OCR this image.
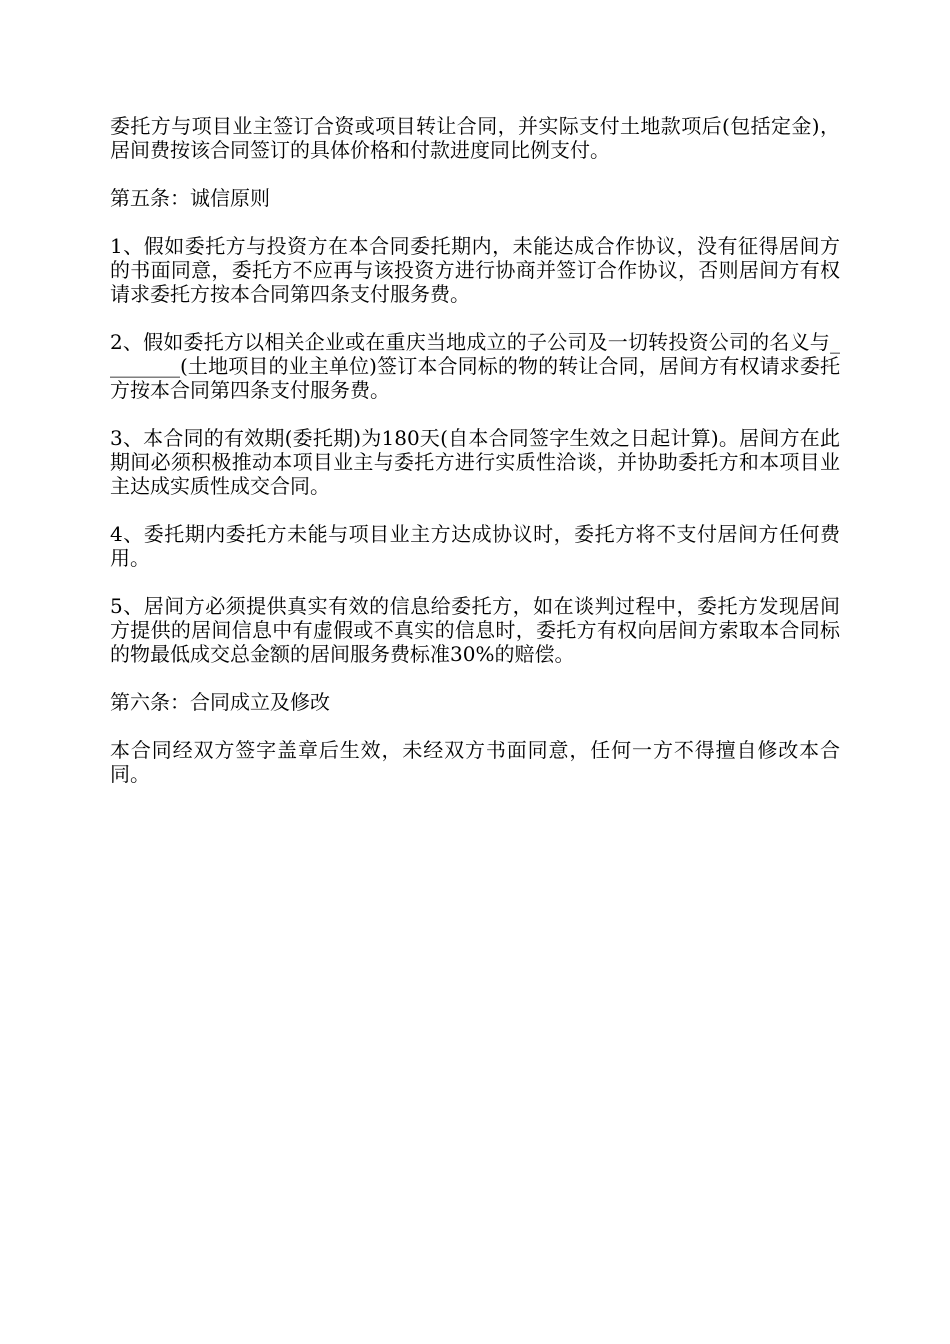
委托方与项目业主签订合资或项目转让合同，并实际支付土地款项后(包括定金)，居间费按该合同签订的具体价格和付款进度同比例支付。

第五条：诚信原则

1、假如委托方与投资方在本合同委托期内，未能达成合作协议，没有征得居间方的书面同意，委托方不应再与该投资方进行协商并签订合作协议，否则居间方有权请求委托方按本合同第四条支付服务费。

2、假如委托方以相关企业或在重庆当地成立的子公司及一切转投资公司的名义与________(土地项目的业主单位)签订本合同标的物的转让合同，居间方有权请求委托方按本合同第四条支付服务费。

3、本合同的有效期(委托期)为180天(自本合同签字生效之日起计算)。居间方在此期间必须积极推动本项目业主与委托方进行实质性洽谈，并协助委托方和本项目业主达成实质性成交合同。

4、委托期内委托方未能与项目业主方达成协议时，委托方将不支付居间方任何费用。

5、居间方必须提供真实有效的信息给委托方，如在谈判过程中，委托方发现居间方提供的居间信息中有虚假或不真实的信息时，委托方有权向居间方索取本合同标的物最低成交总金额的居间服务费标准30%的赔偿。

第六条：合同成立及修改

本合同经双方签字盖章后生效，未经双方书面同意，任何一方不得擅自修改本合同。
